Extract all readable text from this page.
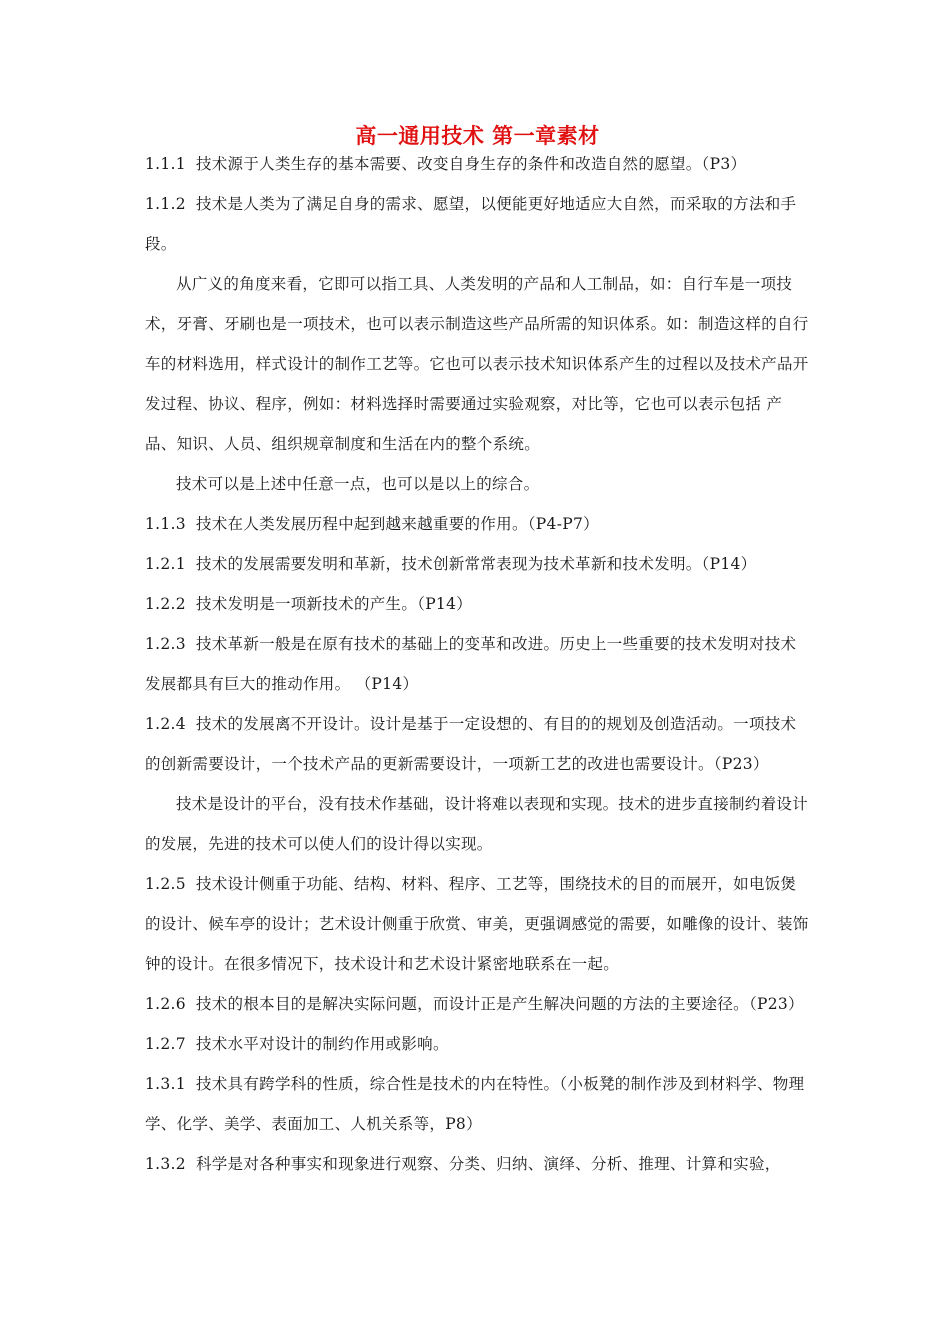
高一通用技术 第一章素材

1.1.1 技术源于人类生存的基本需要、改变自身生存的条件和改造自然的愿望。（P3）

1.1.2 技术是人类为了满足自身的需求、愿望，以便能更好地适应大自然，而采取的方法和手段。

从广义的角度来看，它即可以指工具、人类发明的产品和人工制品，如：自行车是一项技术，牙膏、牙刷也是一项技术，也可以表示制造这些产品所需的知识体系。如：制造这样的自行车的材料选用，样式设计的制作工艺等。它也可以表示技术知识体系产生的过程以及技术产品开发过程、协议、程序，例如：材料选择时需要通过实验观察，对比等，它也可以表示包括 产品、知识、人员、组织规章制度和生活在内的整个系统。

技术可以是上述中任意一点，也可以是以上的综合。

1.1.3 技术在人类发展历程中起到越来越重要的作用。（P4-P7）

1.2.1 技术的发展需要发明和革新，技术创新常常表现为技术革新和技术发明。（P14）

1.2.2 技术发明是一项新技术的产生。（P14）

1.2.3 技术革新一般是在原有技术的基础上的变革和改进。历史上一些重要的技术发明对技术发展都具有巨大的推动作用。 （P14）

1.2.4 技术的发展离不开设计。设计是基于一定设想的、有目的的规划及创造活动。一项技术的创新需要设计，一个技术产品的更新需要设计，一项新工艺的改进也需要设计。（P23）

技术是设计的平台，没有技术作基础，设计将难以表现和实现。技术的进步直接制约着设计的发展，先进的技术可以使人们的设计得以实现。

1.2.5 技术设计侧重于功能、结构、材料、程序、工艺等，围绕技术的目的而展开，如电饭煲的设计、候车亭的设计；艺术设计侧重于欣赏、审美，更强调感觉的需要，如雕像的设计、装饰钟的设计。在很多情况下，技术设计和艺术设计紧密地联系在一起。

1.2.6 技术的根本目的是解决实际问题，而设计正是产生解决问题的方法的主要途径。（P23）

1.2.7 技术水平对设计的制约作用或影响。

1.3.1 技术具有跨学科的性质，综合性是技术的内在特性。（小板凳的制作涉及到材料学、物理学、化学、美学、表面加工、人机关系等，P8）

1.3.2 科学是对各种事实和现象进行观察、分类、归纳、演绎、分析、推理、计算和实验，
